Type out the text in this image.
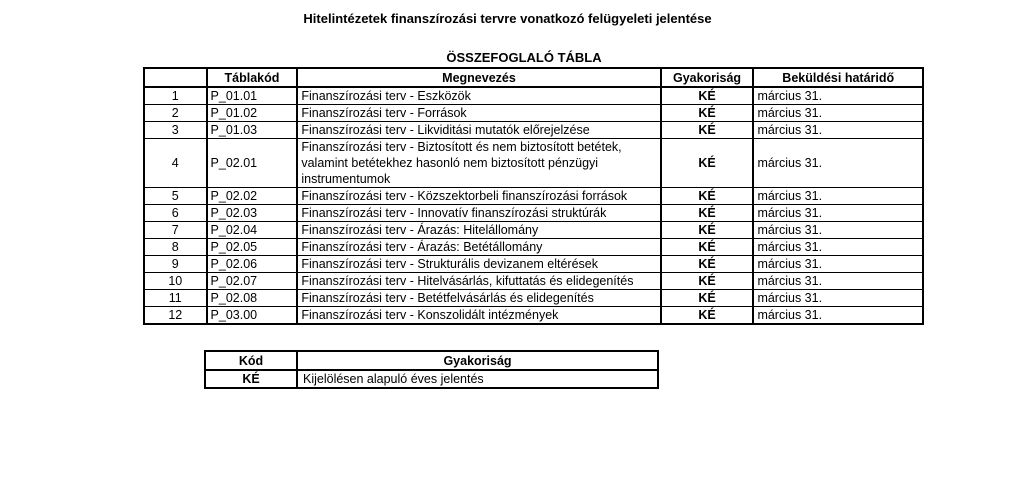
Hitelintézetek finanszírozási tervre vonatkozó felügyeleti jelentése
ÖSSZEFOGLALÓ TÁBLA
	Táblakód	Megnevezés	Gyakoriság	Beküldési határidő
1	P_01.01	Finanszírozási terv - Eszközök	KÉ	március 31.
2	P_01.02	Finanszírozási terv - Források	KÉ	március 31.
3	P_01.03	Finanszírozási terv - Likviditási mutatók előrejelzése	KÉ	március 31.
4	P_02.01	Finanszírozási terv - Biztosított és nem biztosított betétek, valamint betétekhez hasonló nem biztosított pénzügyi instrumentumok	KÉ	március 31.
5	P_02.02	Finanszírozási terv - Közszektorbeli finanszírozási források	KÉ	március 31.
6	P_02.03	Finanszírozási terv - Innovatív finanszírozási struktúrák	KÉ	március 31.
7	P_02.04	Finanszírozási terv - Árazás: Hitelállomány	KÉ	március 31.
8	P_02.05	Finanszírozási terv - Árazás: Betétállomány	KÉ	március 31.
9	P_02.06	Finanszírozási terv - Strukturális devizanem eltérések	KÉ	március 31.
10	P_02.07	Finanszírozási terv - Hitelvásárlás, kifuttatás és elidegenítés	KÉ	március 31.
11	P_02.08	Finanszírozási terv - Betétfelvásárlás és elidegenítés	KÉ	március 31.
12	P_03.00	Finanszírozási terv - Konszolidált intézmények	KÉ	március 31.
Kód	Gyakoriság
KÉ	Kijelölésen alapuló éves jelentés
